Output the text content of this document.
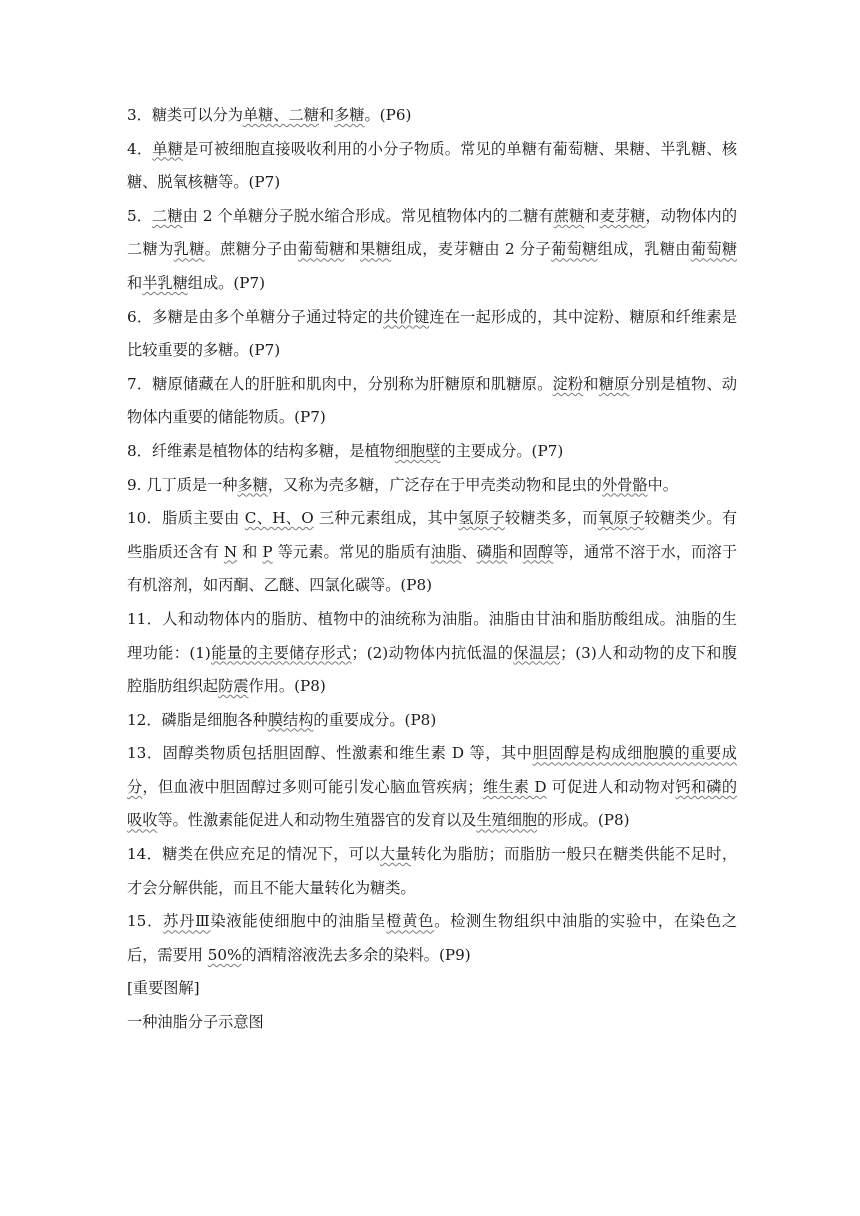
3．糖类可以分为单糖、二糖和多糖。(P6)

4．单糖是可被细胞直接吸收利用的小分子物质。常见的单糖有葡萄糖、果糖、半乳糖、核糖、脱氧核糖等。(P7)

5．二糖由 2 个单糖分子脱水缩合形成。常见植物体内的二糖有蔗糖和麦芽糖，动物体内的二糖为乳糖。蔗糖分子由葡萄糖和果糖组成，麦芽糖由 2 分子葡萄糖组成，乳糖由葡萄糖和半乳糖组成。(P7)

6．多糖是由多个单糖分子通过特定的共价键连在一起形成的，其中淀粉、糖原和纤维素是比较重要的多糖。(P7)

7．糖原储藏在人的肝脏和肌肉中，分别称为肝糖原和肌糖原。淀粉和糖原分别是植物、动物体内重要的储能物质。(P7)

8．纤维素是植物体的结构多糖，是植物细胞壁的主要成分。(P7)

9. 几丁质是一种多糖，又称为壳多糖，广泛存在于甲壳类动物和昆虫的外骨骼中。

10．脂质主要由 C、H、O 三种元素组成，其中氢原子较糖类多，而氧原子较糖类少。有些脂质还含有 N 和 P 等元素。常见的脂质有油脂、磷脂和固醇等，通常不溶于水，而溶于有机溶剂，如丙酮、乙醚、四氯化碳等。(P8)

11．人和动物体内的脂肪、植物中的油统称为油脂。油脂由甘油和脂肪酸组成。油脂的生理功能：(1)能量的主要储存形式；(2)动物体内抗低温的保温层；(3)人和动物的皮下和腹腔脂肪组织起防震作用。(P8)

12．磷脂是细胞各种膜结构的重要成分。(P8)

13．固醇类物质包括胆固醇、性激素和维生素 D 等，其中胆固醇是构成细胞膜的重要成分，但血液中胆固醇过多则可能引发心脑血管疾病；维生素 D 可促进人和动物对钙和磷的吸收等。性激素能促进人和动物生殖器官的发育以及生殖细胞的形成。(P8)

14．糖类在供应充足的情况下，可以大量转化为脂肪；而脂肪一般只在糖类供能不足时，才会分解供能，而且不能大量转化为糖类。

15．苏丹Ⅲ染液能使细胞中的油脂呈橙黄色。检测生物组织中油脂的实验中，在染色之后，需要用 50%的酒精溶液洗去多余的染料。(P9)

[重要图解]

一种油脂分子示意图
